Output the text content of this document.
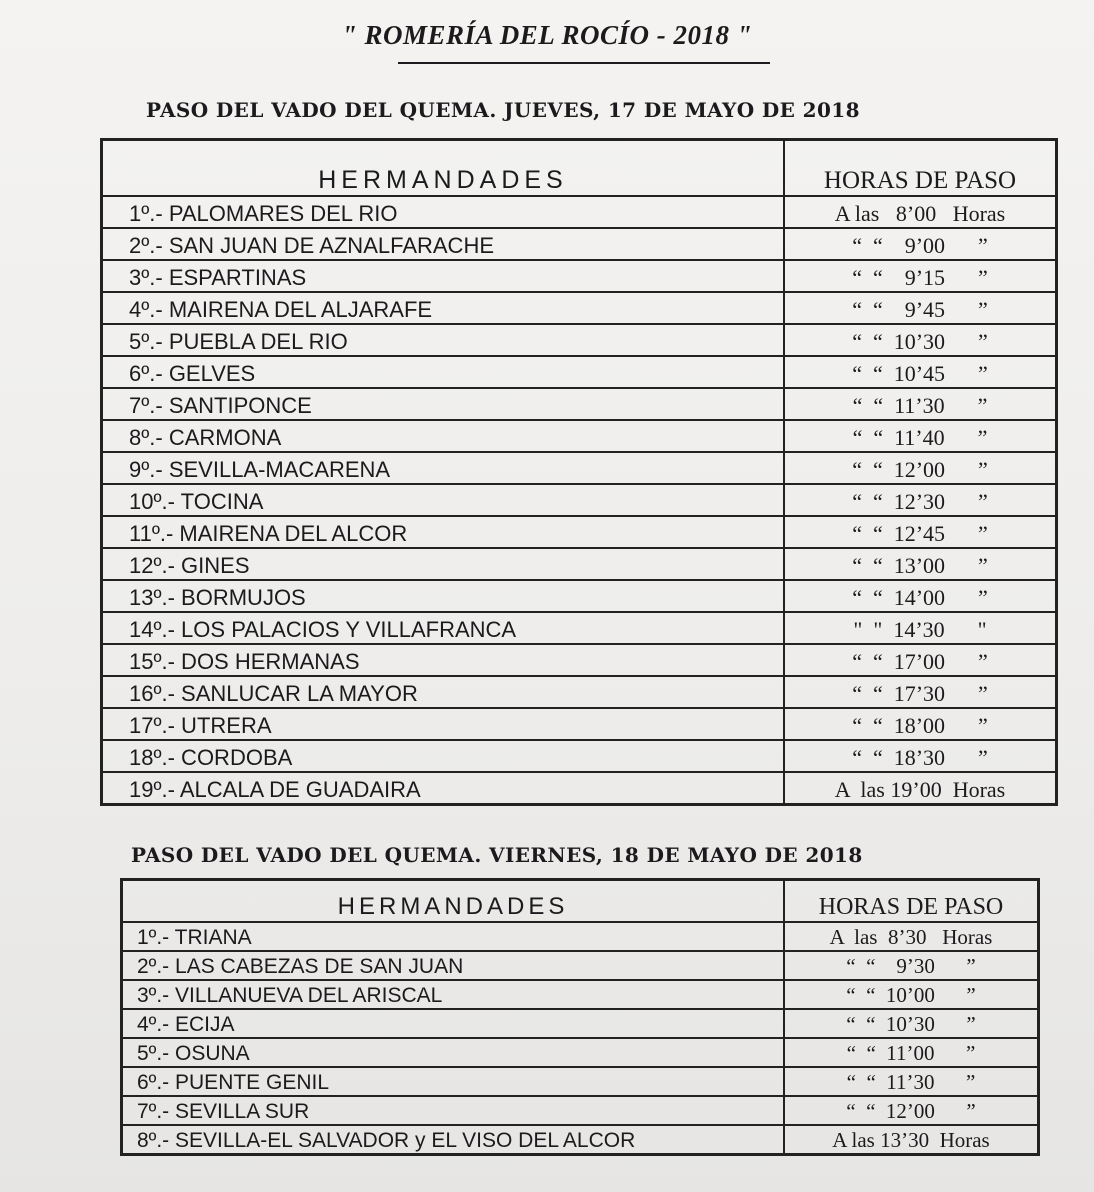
" ROMERÍA DEL ROCÍO - 2018 "
PASO DEL VADO DEL QUEMA. JUEVES, 17 DE MAYO DE 2018
HERMANDADES	HORAS DE PASO
1º.- PALOMARES DEL RIO	A las   8’00   Horas
2º.- SAN JUAN DE AZNALFARACHE	“  “    9’00      ”
3º.- ESPARTINAS	“  “    9’15      ”
4º.- MAIRENA DEL ALJARAFE	“  “    9’45      ”
5º.- PUEBLA DEL RIO	“  “  10’30      ”
6º.- GELVES	“  “  10’45      ”
7º.- SANTIPONCE	“  “  11’30      ”
8º.- CARMONA	“  “  11’40      ”
9º.- SEVILLA-MACARENA	“  “  12’00      ”
10º.- TOCINA	“  “  12’30      ”
11º.- MAIRENA DEL ALCOR	“  “  12’45      ”
12º.- GINES	“  “  13’00      ”
13º.- BORMUJOS	“  “  14’00      ”
14º.- LOS PALACIOS Y VILLAFRANCA	"  "  14’30      "
15º.- DOS HERMANAS	“  “  17’00      ”
16º.- SANLUCAR LA MAYOR	“  “  17’30      ”
17º.- UTRERA	“  “  18’00      ”
18º.- CORDOBA	“  “  18’30      ”
19º.- ALCALA DE GUADAIRA	A  las 19’00  Horas
PASO DEL VADO DEL QUEMA. VIERNES, 18 DE MAYO DE 2018
HERMANDADES	HORAS DE PASO
1º.- TRIANA	A  las  8’30   Horas
2º.- LAS CABEZAS DE SAN JUAN	“  “    9’30      ”
3º.- VILLANUEVA DEL ARISCAL	“  “  10’00      ”
4º.- ECIJA	“  “  10’30      ”
5º.- OSUNA	“  “  11’00      ”
6º.- PUENTE GENIL	“  “  11’30      ”
7º.- SEVILLA SUR	“  “  12’00      ”
8º.- SEVILLA-EL SALVADOR y EL VISO DEL ALCOR	A las 13’30  Horas
